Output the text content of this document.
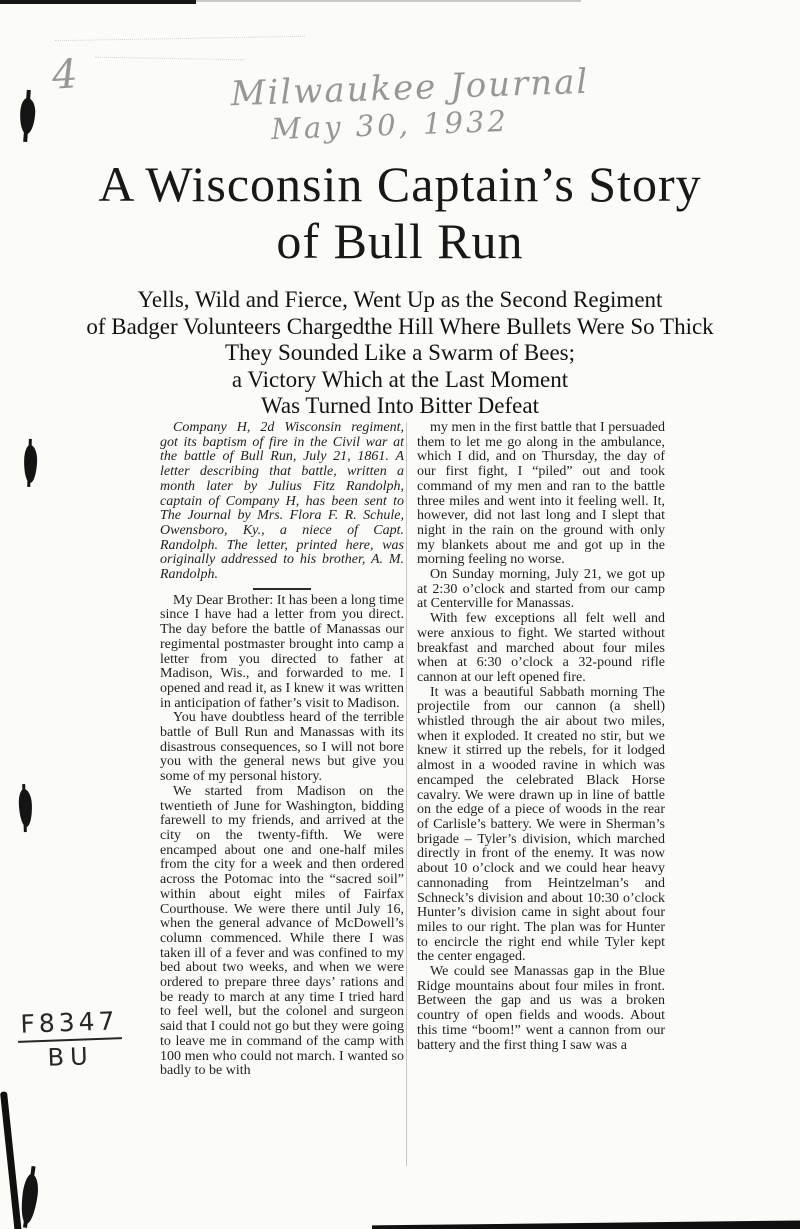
4	Milwaukee Journal
May 30, 1932
F8347
BU
A Wisconsin Captain’s Story
of Bull Run
Yells, Wild and Fierce, Went Up as the Second Regiment
of Badger Volunteers Chargedthe Hill Where Bullets Were So Thick
They Sounded Like a Swarm of Bees;
a Victory Which at the Last Moment
Was Turned Into Bitter Defeat

Company H, 2d Wisconsin regiment, got its baptism of fire in the Civil war at the battle of Bull Run, July 21, 1861. A letter describing that battle, written a month later by Julius Fitz Randolph, captain of Company H, has been sent to The Journal by Mrs. Flora F. R. Schule, Owensboro, Ky., a niece of Capt. Randolph. The letter, printed here, was originally addressed to his brother, A. M. Randolph.

My Dear Brother: It has been a long time since I have had a letter from you direct. The day before the battle of Manassas our regimental postmaster brought into camp a letter from you directed to father at Madison, Wis., and forwarded to me. I opened and read it, as I knew it was written in anticipation of father’s visit to Madison.

You have doubtless heard of the terrible battle of Bull Run and Manassas with its disastrous consequences, so I will not bore you with the general news but give you some of my personal history.

We started from Madison on the twentieth of June for Washington, bidding farewell to my friends, and arrived at the city on the twenty-fifth. We were encamped about one and one-half miles from the city for a week and then ordered across the Potomac into the “sacred soil” within about eight miles of Fairfax Courthouse. We were there until July 16, when the general advance of McDowell’s column commenced. While there I was taken ill of a fever and was confined to my bed about two weeks, and when we were ordered to prepare three days’ rations and be ready to march at any time I tried hard to feel well, but the colonel and surgeon said that I could not go but they were going to leave me in command of the camp with 100 men who could not march. I wanted so badly to be with

my men in the first battle that I persuaded them to let me go along in the ambulance, which I did, and on Thursday, the day of our first fight, I “piled” out and took command of my men and ran to the battle three miles and went into it feeling well. It, however, did not last long and I slept that night in the rain on the ground with only my blankets about me and got up in the morning feeling no worse.

On Sunday morning, July 21, we got up at 2:30 o’clock and started from our camp at Centerville for Manassas.

With few exceptions all felt well and were anxious to fight. We started without breakfast and marched about four miles when at 6:30 o’clock a 32-pound rifle cannon at our left opened fire.

It was a beautiful Sabbath morning The projectile from our cannon (a shell) whistled through the air about two miles, when it exploded. It created no stir, but we knew it stirred up the rebels, for it lodged almost in a wooded ravine in which was encamped the celebrated Black Horse cavalry. We were drawn up in line of battle on the edge of a piece of woods in the rear of Carlisle’s battery. We were in Sherman’s brigade – Tyler’s division, which marched directly in front of the enemy. It was now about 10 o’clock and we could hear heavy cannonading from Heintzelman’s and Schneck’s division and about 10:30 o’clock Hunter’s division came in sight about four miles to our right. The plan was for Hunter to encircle the right end while Tyler kept the center engaged.

We could see Manassas gap in the Blue Ridge mountains about four miles in front. Between the gap and us was a broken country of open fields and woods. About this time “boom!” went a cannon from our battery and the first thing I saw was a
